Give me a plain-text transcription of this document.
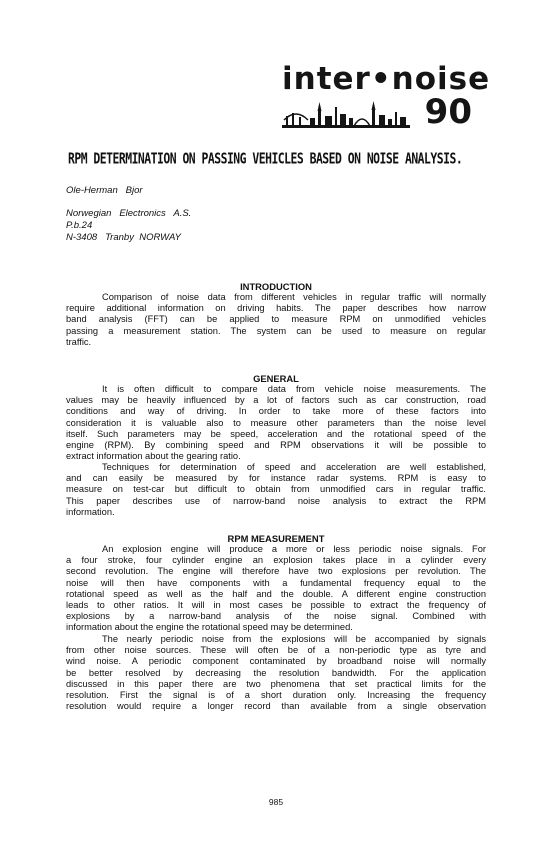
inter•noise
90
RPM DETERMINATION ON PASSING VEHICLES BASED ON NOISE ANALYSIS.
Ole-Herman   Bjor
Norwegian   Electronics   A.S.
P.b.24
N-3408   Tranby  NORWAY
INTRODUCTION
Comparison of noise data from different vehicles in regular traffic will normally
require additional information on driving habits. The paper describes how narrow
band analysis (FFT) can be applied to measure RPM on unmodified vehicles
passing a measurement station. The system can be used to measure on regular
traffic.
GENERAL
It is often difficult to compare data from vehicle noise measurements. The
values may be heavily influenced by a lot of factors such as car construction, road
conditions and way of driving. In order to take more of these factors into
consideration it is valuable also to measure other parameters than the noise level
itself. Such parameters may be speed, acceleration and the rotational speed of the
engine (RPM). By combining speed and RPM observations it will be possible to
extract information about the gearing ratio.
Techniques for determination of speed and acceleration are well established,
and can easily be measured by for instance radar systems. RPM is easy to
measure on test-car but difficult to obtain from unmodified cars in regular traffic.
This paper describes use of narrow-band noise analysis to extract the RPM
information.
RPM MEASUREMENT
An explosion engine will produce a more or less periodic noise signals. For
a four stroke, four cylinder engine an explosion takes place in a cylinder every
second revolution. The engine will therefore have two explosions per revolution. The
noise will then have components with a fundamental frequency equal to the
rotational speed as well as the half and the double. A different engine construction
leads to other ratios. It will in most cases be possible to extract the frequency of
explosions by a narrow-band analysis of the noise signal. Combined with
information about the engine the rotational speed may be determined.
The nearly periodic noise from the explosions will be accompanied by signals
from other noise sources. These will often be of a non-periodic type as tyre and
wind noise. A periodic component contaminated by broadband noise will normally
be better resolved by decreasing the resolution bandwidth. For the application
discussed in this paper there are two phenomena that set practical limits for the
resolution. First the signal is of a short duration only. Increasing the frequency
resolution would require a longer record than available from a single observation
985
